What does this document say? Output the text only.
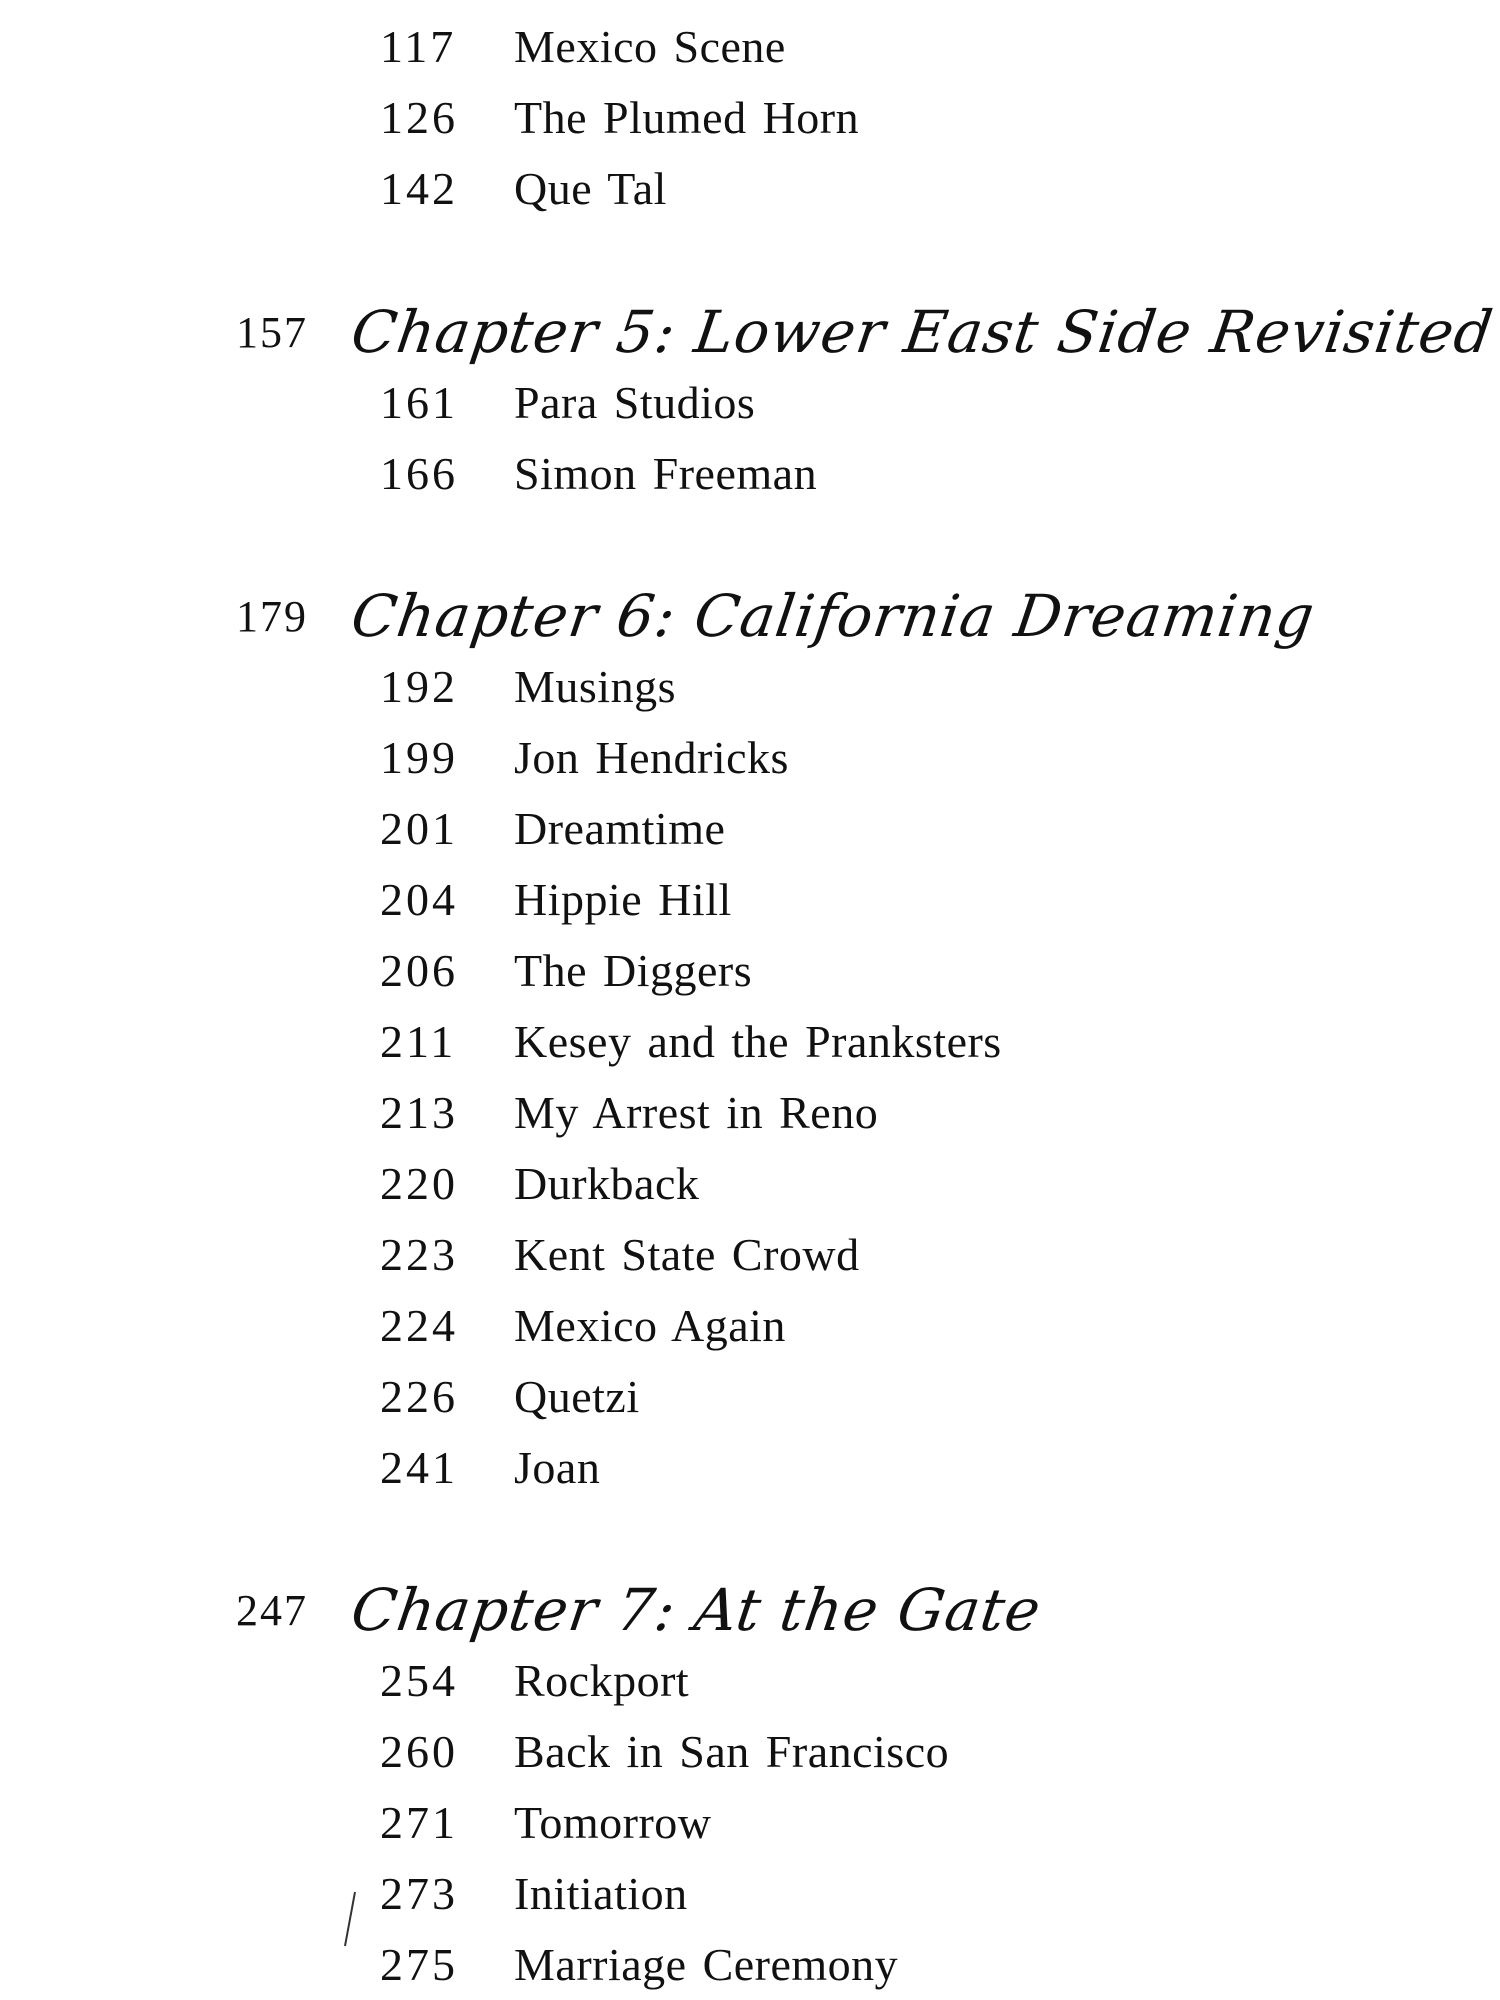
117	Mexico Scene
126	The Plumed Horn
142	Que Tal
157 Chapter 5: Lower East Side Revisited
161	Para Studios
166	Simon Freeman
179 Chapter 6: California Dreaming
192	Musings
199	Jon Hendricks
201	Dreamtime
204	Hippie Hill
206	The Diggers
211	Kesey and the Pranksters
213	My Arrest in Reno
220	Durkback
223	Kent State Crowd
224	Mexico Again
226	Quetzi
241	Joan
247 Chapter 7: At the Gate
254	Rockport
260	Back in San Francisco
271	Tomorrow
273	Initiation
275	Marriage Ceremony
